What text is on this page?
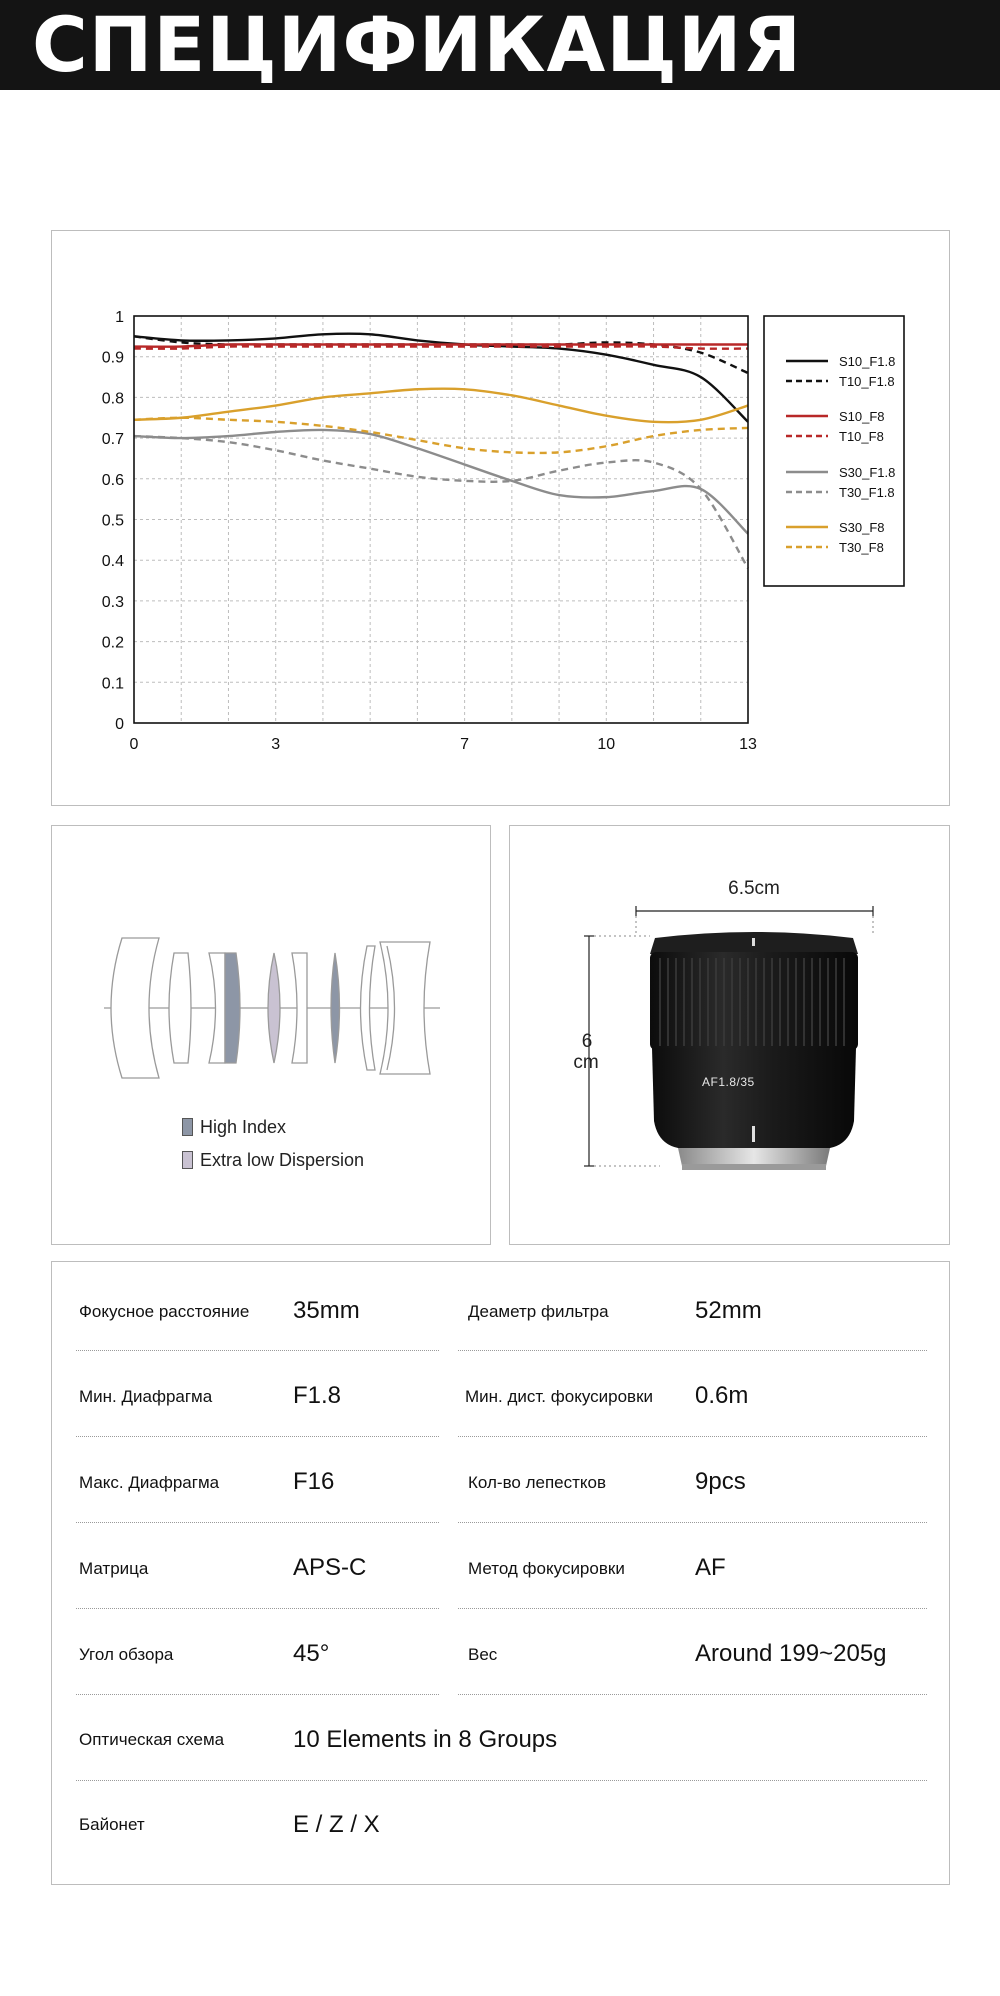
СПЕЦИФИКАЦИЯ
0
0.1
0.2
0.3
0.4
0.5
0.6
0.7
0.8
0.9
1
0	3	7	10	13
S10_F1.8
T10_F1.8
S10_F8
T10_F8
S30_F1.8
T30_F1.8
S30_F8
T30_F8
High Index
Extra low Dispersion
AF1.8/35
6.5cm
6
cm
Фокусное расстояние 35mm	Деаметр фильтра	52mm
Мин. Диафрагма	F1.8	Мин. дист. фокусировки 0.6m
Макс. Диафрагма	F16	Кол-во лепестков	9pcs
Матрица	APS-C	Метод фокусировки	AF
Угол обзора	45°	Вес	Around 199~205g
Оптическая схема	10 Elements in 8 Groups
Байонет	E / Z / X
